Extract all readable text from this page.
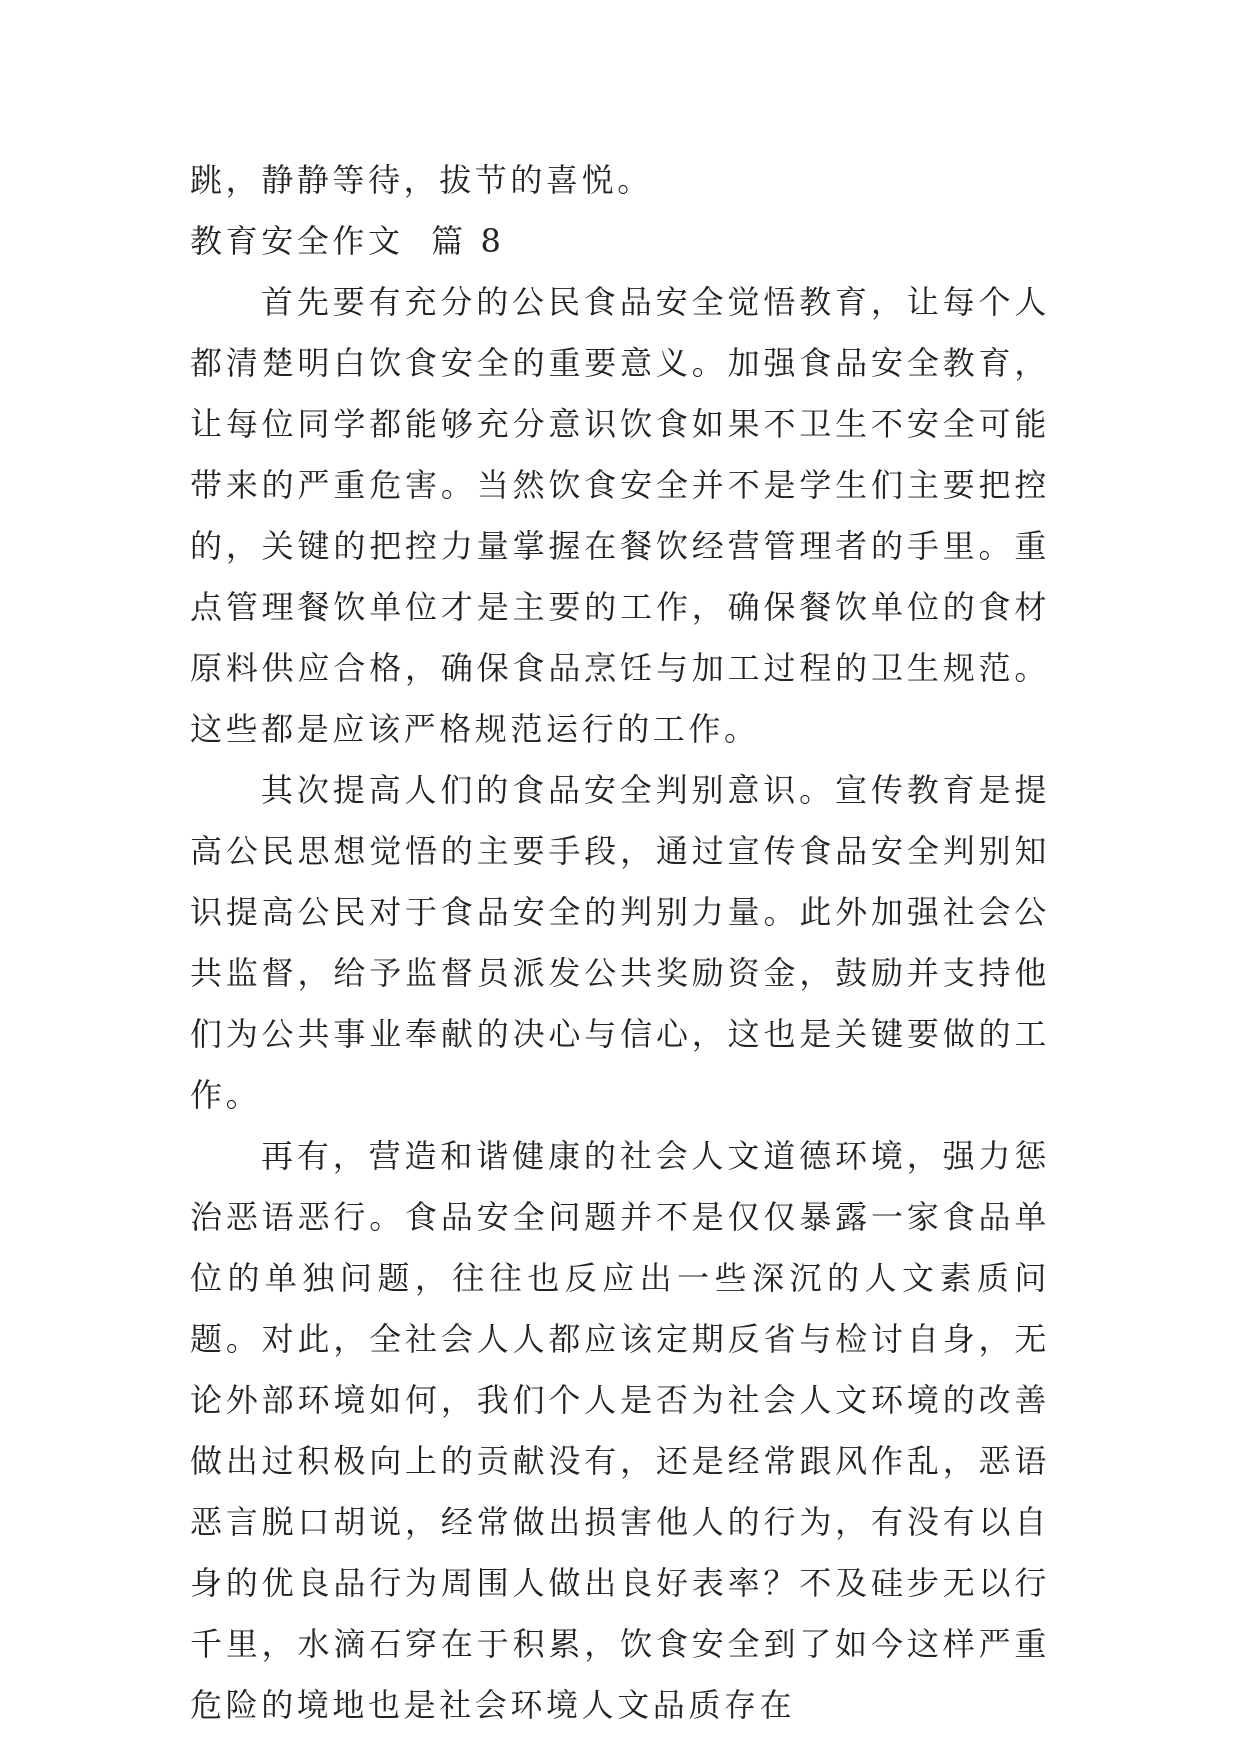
跳，静静等待，拔节的喜悦。

教育安全作文  篇 8

首先要有充分的公民食品安全觉悟教育，让每个人都清楚明白饮食安全的重要意义。加强食品安全教育，让每位同学都能够充分意识饮食如果不卫生不安全可能带来的严重危害。当然饮食安全并不是学生们主要把控的，关键的把控力量掌握在餐饮经营管理者的手里。重点管理餐饮单位才是主要的工作，确保餐饮单位的食材原料供应合格，确保食品烹饪与加工过程的卫生规范。这些都是应该严格规范运行的工作。

其次提高人们的食品安全判别意识。宣传教育是提高公民思想觉悟的主要手段，通过宣传食品安全判别知识提高公民对于食品安全的判别力量。此外加强社会公共监督，给予监督员派发公共奖励资金，鼓励并支持他们为公共事业奉献的决心与信心，这也是关键要做的工作。

再有，营造和谐健康的社会人文道德环境，强力惩治恶语恶行。食品安全问题并不是仅仅暴露一家食品单位的单独问题，往往也反应出一些深沉的人文素质问题。对此，全社会人人都应该定期反省与检讨自身，无论外部环境如何，我们个人是否为社会人文环境的改善做出过积极向上的贡献没有，还是经常跟风作乱，恶语恶言脱口胡说，经常做出损害他人的行为，有没有以自身的优良品行为周围人做出良好表率？不及硅步无以行千里，水滴石穿在于积累，饮食安全到了如今这样严重危险的境地也是社会环境人文品质存在
